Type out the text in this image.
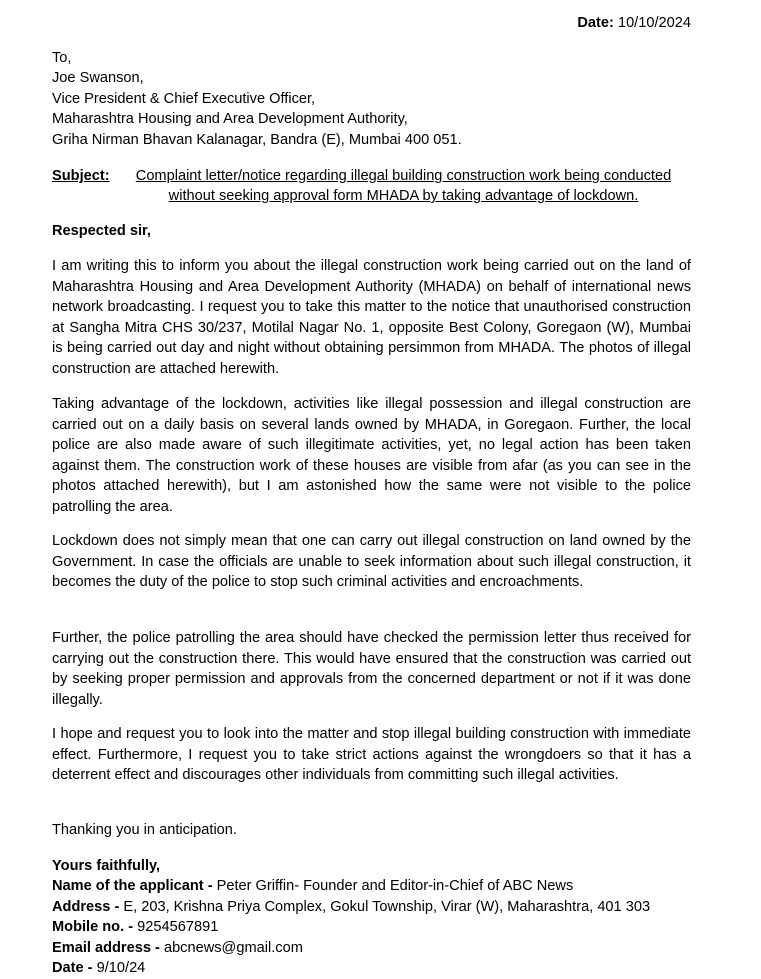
Date: 10/10/2024
To,
Joe Swanson,
Vice President & Chief Executive Officer,
Maharashtra Housing and Area Development Authority,
Griha Nirman Bhavan Kalanagar, Bandra (E), Mumbai 400 051.
Subject: Complaint letter/notice regarding illegal building construction work being conducted without seeking approval form MHADA by taking advantage of lockdown.
Respected sir,
I am writing this to inform you about the illegal construction work being carried out on the land of Maharashtra Housing and Area Development Authority (MHADA) on behalf of international news network broadcasting. I request you to take this matter to the notice that unauthorised construction at Sangha Mitra CHS 30/237, Motilal Nagar No. 1, opposite Best Colony, Goregaon (W), Mumbai is being carried out day and night without obtaining persimmon from MHADA. The photos of illegal construction are attached herewith.
Taking advantage of the lockdown, activities like illegal possession and illegal construction are carried out on a daily basis on several lands owned by MHADA, in Goregaon. Further, the local police are also made aware of such illegitimate activities, yet, no legal action has been taken against them. The construction work of these houses are visible from afar (as you can see in the photos attached herewith), but I am astonished how the same were not visible to the police patrolling the area.
Lockdown does not simply mean that one can carry out illegal construction on land owned by the Government. In case the officials are unable to seek information about such illegal construction, it becomes the duty of the police to stop such criminal activities and encroachments.
Further, the police patrolling the area should have checked the permission letter thus received for carrying out the construction there. This would have ensured that the construction was carried out by seeking proper permission and approvals from the concerned department or not if it was done illegally.
I hope and request you to look into the matter and stop illegal building construction with immediate effect. Furthermore, I request you to take strict actions against the wrongdoers so that it has a deterrent effect and discourages other individuals from committing such illegal activities.
Thanking you in anticipation.
Yours faithfully,
Name of the applicant - Peter Griffin- Founder and Editor-in-Chief of ABC News
Address - E, 203, Krishna Priya Complex, Gokul Township, Virar (W), Maharashtra, 401 303
Mobile no. - 9254567891
Email address - abcnews@gmail.com
Date - 9/10/24
